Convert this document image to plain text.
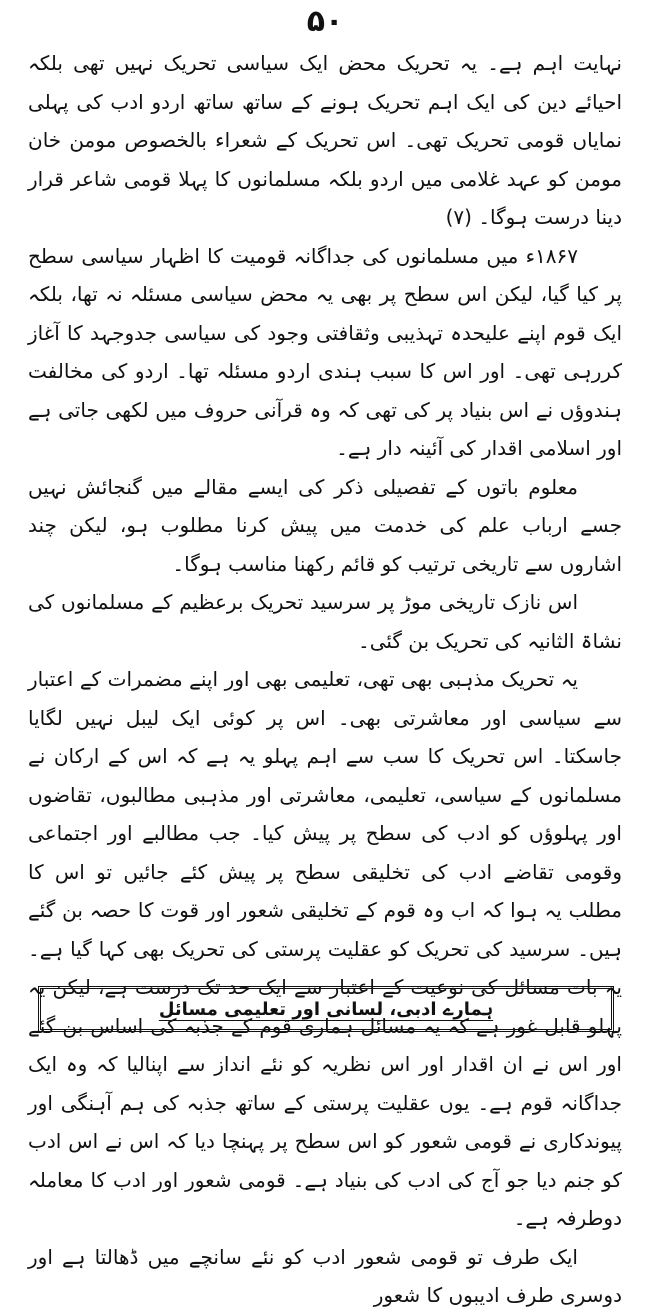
۵۰

نہایت اہم ہے۔ یہ تحریک محض ایک سیاسی تحریک نہیں تھی بلکہ احیائے دین کی ایک اہم تحریک ہونے کے ساتھ ساتھ اردو ادب کی پہلی نمایاں قومی تحریک تھی۔ اس تحریک کے شعراء بالخصوص مومن خان مومن کو عہد غلامی میں اردو بلکہ مسلمانوں کا پہلا قومی شاعر قرار دینا درست ہوگا۔ (۷)

۱۸۶۷ء میں مسلمانوں کی جداگانہ قومیت کا اظہار سیاسی سطح پر کیا گیا، لیکن اس سطح پر بھی یہ محض سیاسی مسئلہ نہ تھا، بلکہ ایک قوم اپنے علیحدہ تہذیبی وثقافتی وجود کی سیاسی جدوجہد کا آغاز کررہی تھی۔ اور اس کا سبب ہندی اردو مسئلہ تھا۔ اردو کی مخالفت ہندوؤں نے اس بنیاد پر کی تھی کہ وہ قرآنی حروف میں لکھی جاتی ہے اور اسلامی اقدار کی آئینہ دار ہے۔

معلوم باتوں کے تفصیلی ذکر کی ایسے مقالے میں گنجائش نہیں جسے ارباب علم کی خدمت میں پیش کرنا مطلوب ہو، لیکن چند اشاروں سے تاریخی ترتیب کو قائم رکھنا مناسب ہوگا۔

اس نازک تاریخی موڑ پر سرسید تحریک برعظیم کے مسلمانوں کی نشاۃ الثانیہ کی تحریک بن گئی۔

یہ تحریک مذہبی بھی تھی، تعلیمی بھی اور اپنے مضمرات کے اعتبار سے سیاسی اور معاشرتی بھی۔ اس پر کوئی ایک لیبل نہیں لگایا جاسکتا۔ اس تحریک کا سب سے اہم پہلو یہ ہے کہ اس کے ارکان نے مسلمانوں کے سیاسی، تعلیمی، معاشرتی اور مذہبی مطالبوں، تقاضوں اور پہلوؤں کو ادب کی سطح پر پیش کیا۔ جب مطالبے اور اجتماعی وقومی تقاضے ادب کی تخلیقی سطح پر پیش کئے جائیں تو اس کا مطلب یہ ہوا کہ اب وہ قوم کے تخلیقی شعور اور قوت کا حصہ بن گئے ہیں۔ سرسید کی تحریک کو عقلیت پرستی کی تحریک بھی کہا گیا ہے۔ یہ بات مسائل کی نوعیت کے اعتبار سے ایک حد تک درست ہے، لیکن یہ پہلو قابل غور ہے کہ یہ مسائل ہماری قوم کے جذبہ کی اساس بن گئے اور اس نے ان اقدار اور اس نظریہ کو نئے انداز سے اپنالیا کہ وہ ایک جداگانہ قوم ہے۔ یوں عقلیت پرستی کے ساتھ جذبہ کی ہم آہنگی اور پیوندکاری نے قومی شعور کو اس سطح پر پہنچا دیا کہ اس نے اس ادب کو جنم دیا جو آج کی ادب کی بنیاد ہے۔ قومی شعور اور ادب کا معاملہ دوطرفہ ہے۔

ایک طرف تو قومی شعور ادب کو نئے سانچے میں ڈھالتا ہے اور دوسری طرف ادیبوں کا شعور

ہمارے ادبی، لسانی اور تعلیمی مسائل
